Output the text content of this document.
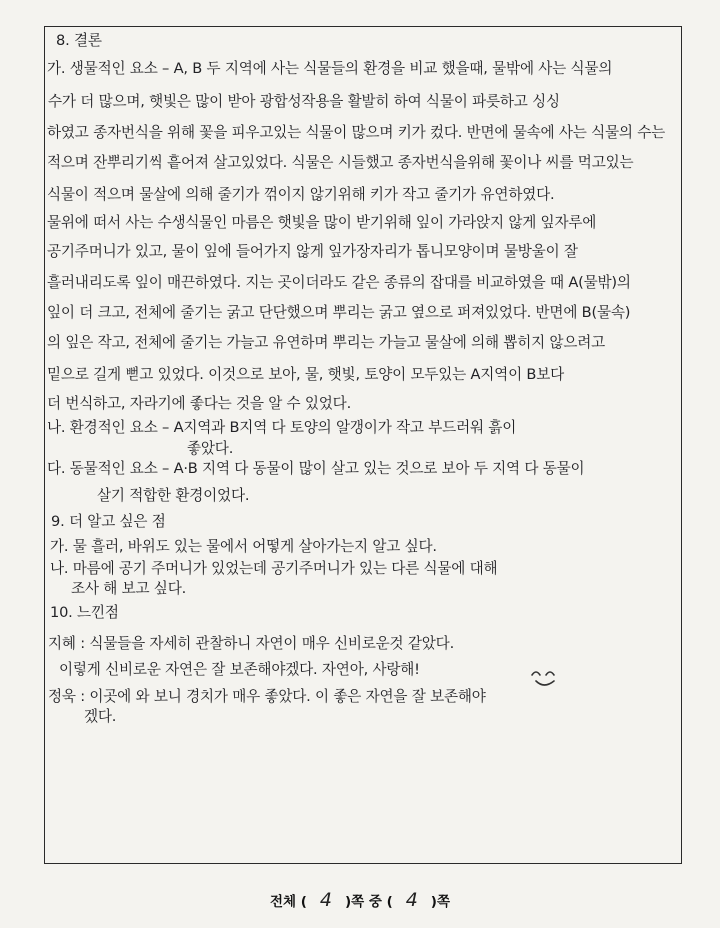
8. 결론
가. 생물적인 요소 – A, B 두 지역에 사는 식물들의 환경을 비교 했을때, 물밖에 사는 식물의
수가 더 많으며, 햇빛은 많이 받아 광합성작용을 활발히 하여 식물이 파릇하고 싱싱
하였고 종자번식을 위해 꽃을 피우고있는 식물이 많으며 키가 컸다. 반면에 물속에 사는 식물의 수는
적으며 잔뿌리기씩 흩어져 살고있었다. 식물은 시들했고 종자번식을위해 꽃이나 씨를 먹고있는
식물이 적으며 물살에 의해 줄기가 꺾이지 않기위해 키가 작고 줄기가 유연하였다.
물위에 떠서 사는 수생식물인 마름은 햇빛을 많이 받기위해 잎이 가라앉지 않게 잎자루에
공기주머니가 있고, 물이 잎에 들어가지 않게 잎가장자리가 톱니모양이며 물방울이 잘
흘러내리도록 잎이 매끈하였다. 지는 곳이더라도 같은 종류의 잡대를 비교하였을 때 A(물밖)의
잎이 더 크고, 전체에 줄기는 굵고 단단했으며 뿌리는 굵고 옆으로 퍼져있었다. 반면에 B(물속)
의 잎은 작고, 전체에 줄기는 가늘고 유연하며 뿌리는 가늘고 물살에 의해 뽑히지 않으려고
밑으로 길게 뻗고 있었다. 이것으로 보아, 물, 햇빛, 토양이 모두있는 A지역이 B보다
더 번식하고, 자라기에 좋다는 것을 알 수 있었다.
나. 환경적인 요소 – A지역과 B지역 다 토양의 알갱이가 작고 부드러워 흙이
좋았다.
다. 동물적인 요소 – A·B 지역 다 동물이 많이 살고 있는 것으로 보아 두 지역 다 동물이
살기 적합한 환경이었다.
9. 더 알고 싶은 점
가. 물 흘러, 바위도 있는 물에서 어떻게 살아가는지 알고 싶다.
나. 마름에 공기 주머니가 있었는데 공기주머니가 있는 다른 식물에 대해
조사 해 보고 싶다.
10. 느낀점
지혜 : 식물들을 자세히 관찰하니 자연이 매우 신비로운것 같았다.
이렇게 신비로운 자연은 잘 보존해야겠다. 자연아, 사랑해!
정욱 : 이곳에 와 보니 경치가 매우 좋았다. 이 좋은 자연을 잘 보존해야
겠다.
전체 ( 4 )쪽 중 ( 4 )쪽
